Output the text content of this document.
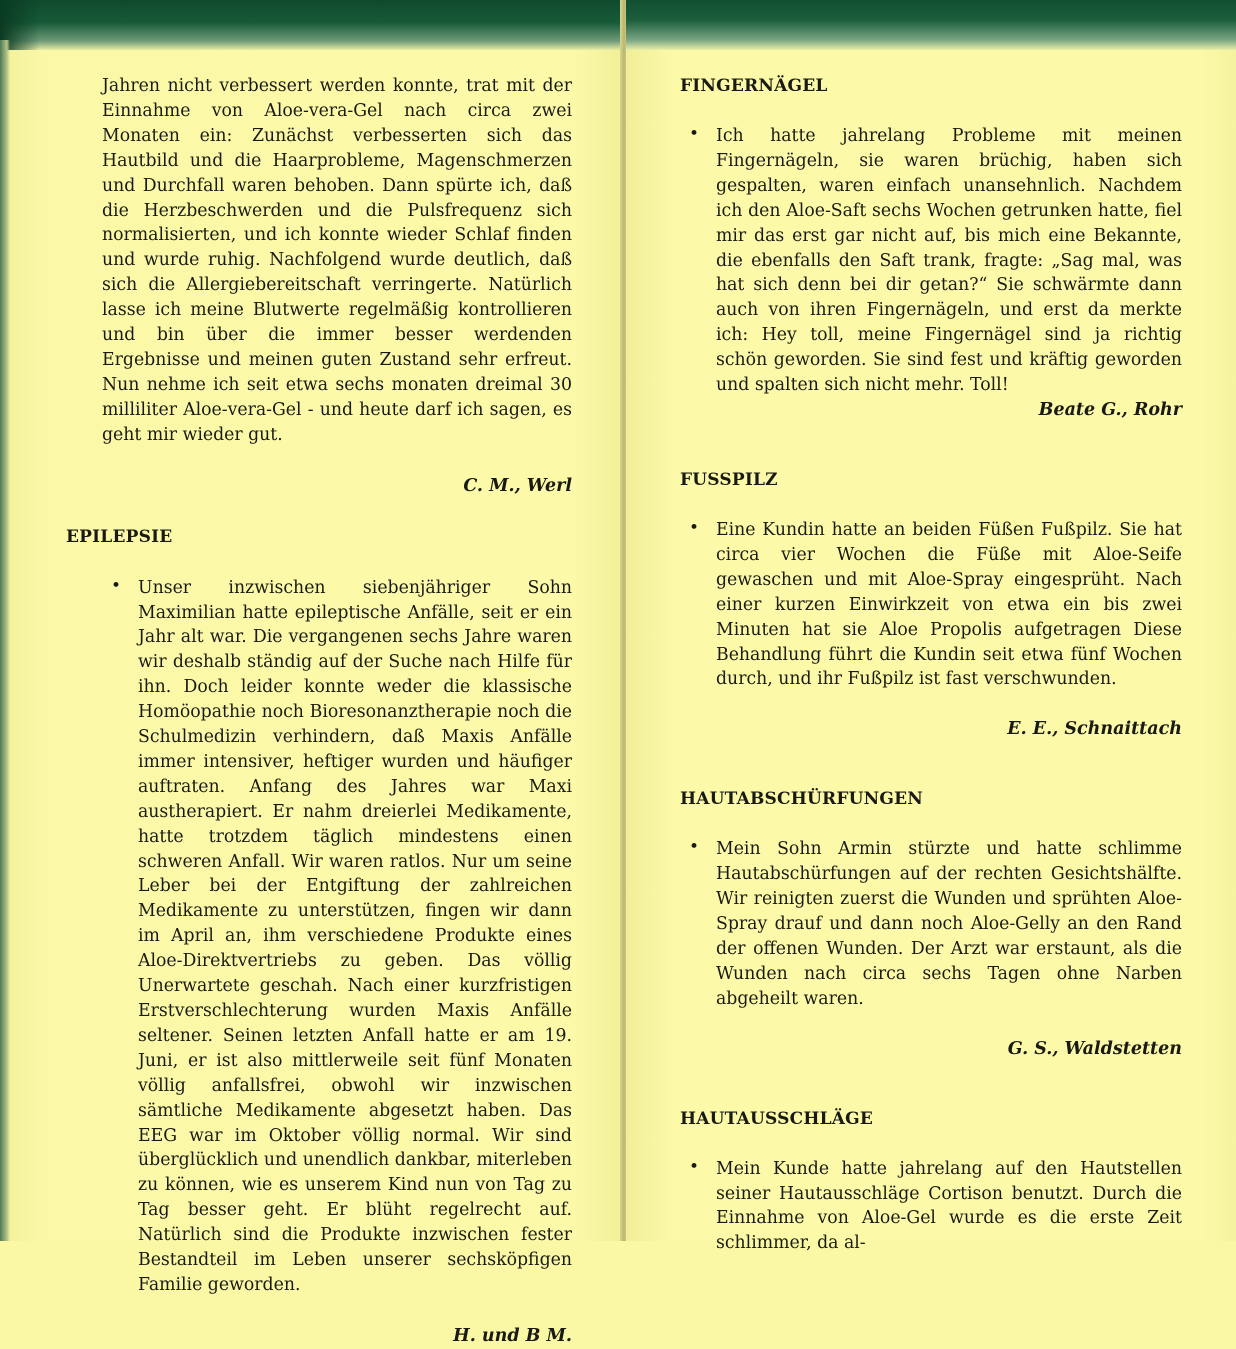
Jahren nicht verbessert werden konnte, trat mit der Einnahme von Aloe-vera-Gel nach circa zwei Monaten ein: Zunächst verbesserten sich das Hautbild und die Haarprobleme, Magenschmerzen und Durchfall waren behoben. Dann spürte ich, daß die Herzbeschwerden und die Pulsfrequenz sich normalisierten, und ich konnte wieder Schlaf finden und wurde ruhig. Nachfolgend wurde deutlich, daß sich die Allergiebereitschaft verringerte. Natürlich lasse ich meine Blutwerte regelmäßig kontrollieren und bin über die immer besser werdenden Ergebnisse und meinen guten Zustand sehr erfreut. Nun nehme ich seit etwa sechs monaten dreimal 30 milliliter Aloe-vera-Gel - und heute darf ich sagen, es geht mir wieder gut.

C. M., Werl

EPILEPSIE
• Unser inzwischen siebenjähriger Sohn Maximilian hatte epileptische Anfälle, seit er ein Jahr alt war. Die vergangenen sechs Jahre waren wir deshalb ständig auf der Suche nach Hilfe für ihn. Doch leider konnte weder die klassische Homöopathie noch Bioresonanztherapie noch die Schulmedizin verhindern, daß Maxis Anfälle immer intensiver, heftiger wurden und häufiger auftraten. Anfang des Jahres war Maxi austherapiert. Er nahm dreierlei Medikamente, hatte trotzdem täglich mindestens einen schweren Anfall. Wir waren ratlos. Nur um seine Leber bei der Entgiftung der zahlreichen Medikamente zu unterstützen, fingen wir dann im April an, ihm verschiedene Produkte eines Aloe-Direktvertriebs zu geben. Das völlig Unerwartete geschah. Nach einer kurzfristigen Erstverschlechterung wurden Maxis Anfälle seltener. Seinen letzten Anfall hatte er am 19. Juni, er ist also mittlerweile seit fünf Monaten völlig anfallsfrei, obwohl wir inzwischen sämtliche Medikamente abgesetzt haben. Das EEG war im Oktober völlig normal. Wir sind überglücklich und unendlich dankbar, miterleben zu können, wie es unserem Kind nun von Tag zu Tag besser geht. Er blüht regelrecht auf. Natürlich sind die Produkte inzwischen fester Bestandteil im Leben unserer sechsköpfigen Familie geworden.

H. und B M.

FINGERNÄGEL
• Ich hatte jahrelang Probleme mit meinen Fingernägeln, sie waren brüchig, haben sich gespalten, waren einfach unansehnlich. Nachdem ich den Aloe-Saft sechs Wochen getrunken hatte, fiel mir das erst gar nicht auf, bis mich eine Bekannte, die ebenfalls den Saft trank, fragte: „Sag mal, was hat sich denn bei dir getan?“ Sie schwärmte dann auch von ihren Fingernägeln, und erst da merkte ich: Hey toll, meine Fingernägel sind ja richtig schön geworden. Sie sind fest und kräftig geworden und spalten sich nicht mehr. Toll!

Beate G., Rohr

FUSSPILZ
• Eine Kundin hatte an beiden Füßen Fußpilz. Sie hat circa vier Wochen die Füße mit Aloe-Seife gewaschen und mit Aloe-Spray eingesprüht. Nach einer kurzen Einwirkzeit von etwa ein bis zwei Minuten hat sie Aloe Propolis aufgetragen Diese Behandlung führt die Kundin seit etwa fünf Wochen durch, und ihr Fußpilz ist fast verschwunden.

E. E., Schnaittach

HAUTABSCHÜRFUNGEN
• Mein Sohn Armin stürzte und hatte schlimme Hautabschürfungen auf der rechten Gesichtshälfte. Wir reinigten zuerst die Wunden und sprühten Aloe-Spray drauf und dann noch Aloe-Gelly an den Rand der offenen Wunden. Der Arzt war erstaunt, als die Wunden nach circa sechs Tagen ohne Narben abgeheilt waren.

G. S., Waldstetten

HAUTAUSSCHLÄGE
• Mein Kunde hatte jahrelang auf den Hautstellen seiner Hautausschläge Cortison benutzt. Durch die Einnahme von Aloe-Gel wurde es die erste Zeit schlimmer, da al-
